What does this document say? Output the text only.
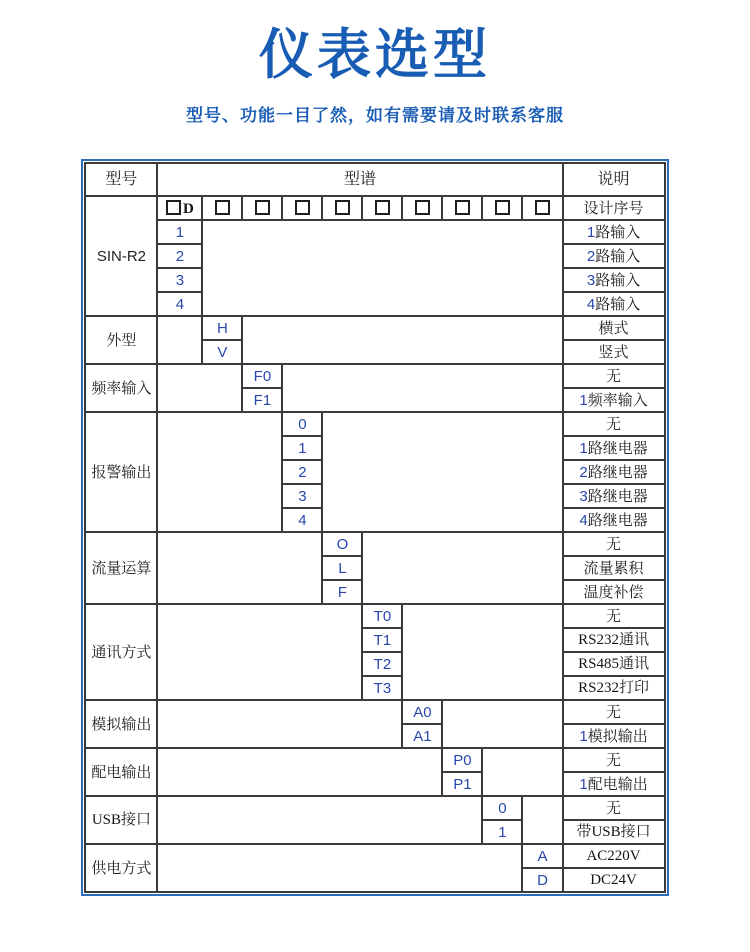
仪表选型
型号、功能一目了然，如有需要请及时联系客服
型号	型谱										说明
SIN-R2	D										设计序号
	1										1路输入
	2										2路输入
	3										3路输入
	4										4路输入
外型		H									横式
		V									竖式
频率输入			F0								无
			F1								1频率输入
报警输出				0							无
				1							1路继电器
				2							2路继电器
				3							3路继电器
				4							4路继电器
流量运算					O						无
					L						流量累积
					F						温度补偿
通讯方式						T0					无
						T1					RS232通讯
						T2					RS485通讯
						T3					RS232打印
模拟输出							A0				无
							A1				1模拟输出
配电输出								P0			无
								P1			1配电输出
USB接口									0		无
									1		带USB接口
供电方式										A	AC220V
										D	DC24V
